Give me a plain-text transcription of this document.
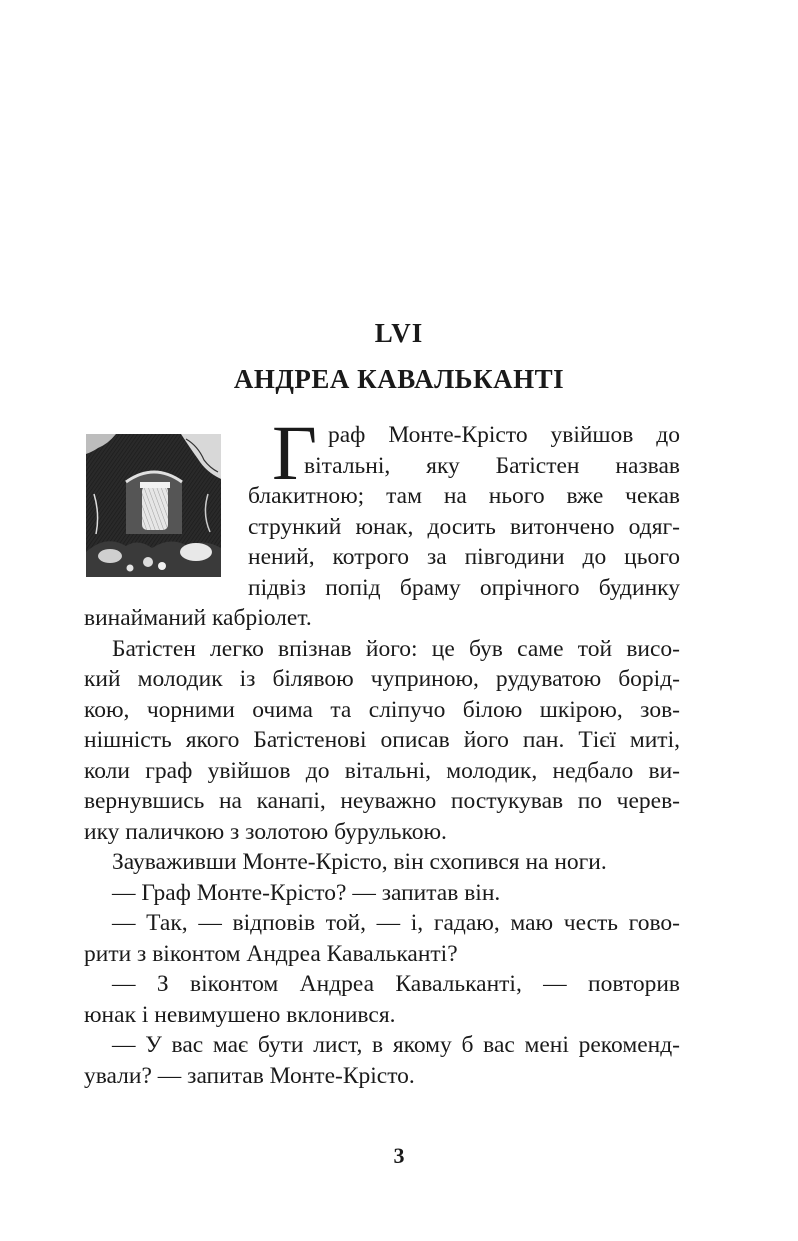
LVI
АНДРЕА КАВАЛЬКАНТІ
Г раф Монте-Крісто увійшов до
вітальні, яку Батістен назвав
блакитною; там на нього вже чекав
стрункий юнак, досить витончено одяг-
нений, котрого за півгодини до цього
підвіз попід браму опрічного будинку
винайманий кабріолет.
Батістен легко впізнав його: це був саме той висо-
кий молодик із білявою чуприною, рудуватою борід-
кою, чорними очима та сліпучо білою шкірою, зов-
нішність якого Батістенові описав його пан. Тієї миті,
коли граф увійшов до вітальні, молодик, недбало ви-
вернувшись на канапі, неуважно постукував по черев-
ику паличкою з золотою бурулькою.
Зауваживши Монте-Крісто, він схопився на ноги.
— Граф Монте-Крісто? — запитав він.
— Так, — відповів той, — і, гадаю, маю честь гово-
рити з віконтом Андреа Кавальканті?
— З віконтом Андреа Кавальканті, — повторив
юнак і невимушено вклонився.
— У вас має бути лист, в якому б вас мені рекоменд-
ували? — запитав Монте-Крісто.
3
